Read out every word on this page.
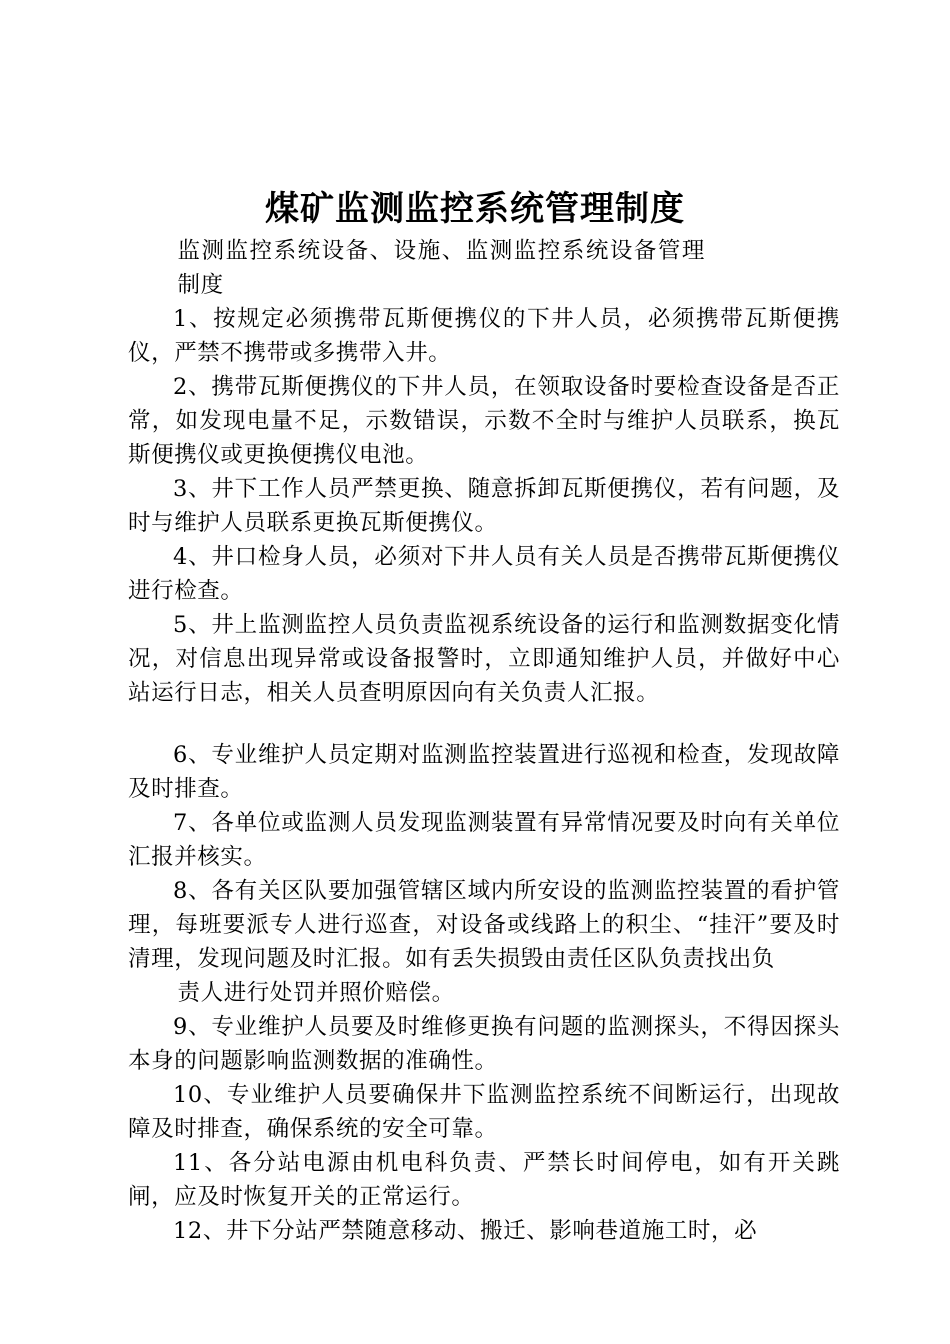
煤矿监测监控系统管理制度

监测监控系统设备、设施、监测监控系统设备管理制度

1、按规定必须携带瓦斯便携仪的下井人员，必须携带瓦斯便携仪，严禁不携带或多携带入井。

2、携带瓦斯便携仪的下井人员，在领取设备时要检查设备是否正常，如发现电量不足，示数错误，示数不全时与维护人员联系，换瓦斯便携仪或更换便携仪电池。

3、井下工作人员严禁更换、随意拆卸瓦斯便携仪，若有问题，及时与维护人员联系更换瓦斯便携仪。

4、井口检身人员，必须对下井人员有关人员是否携带瓦斯便携仪进行检查。

5、井上监测监控人员负责监视系统设备的运行和监测数据变化情况，对信息出现异常或设备报警时，立即通知维护人员，并做好中心站运行日志，相关人员查明原因向有关负责人汇报。

6、专业维护人员定期对监测监控装置进行巡视和检查，发现故障及时排查。

7、各单位或监测人员发现监测装置有异常情况要及时向有关单位汇报并核实。

8、各有关区队要加强管辖区域内所安设的监测监控装置的看护管理，每班要派专人进行巡查，对设备或线路上的积尘、“挂汗”要及时清理，发现问题及时汇报。如有丢失损毁由责任区队负责找出负

责人进行处罚并照价赔偿。

9、专业维护人员要及时维修更换有问题的监测探头，不得因探头本身的问题影响监测数据的准确性。

10、专业维护人员要确保井下监测监控系统不间断运行，出现故障及时排查，确保系统的安全可靠。

11、各分站电源由机电科负责、严禁长时间停电，如有开关跳闸，应及时恢复开关的正常运行。

12、井下分站严禁随意移动、搬迁、影响巷道施工时，必
